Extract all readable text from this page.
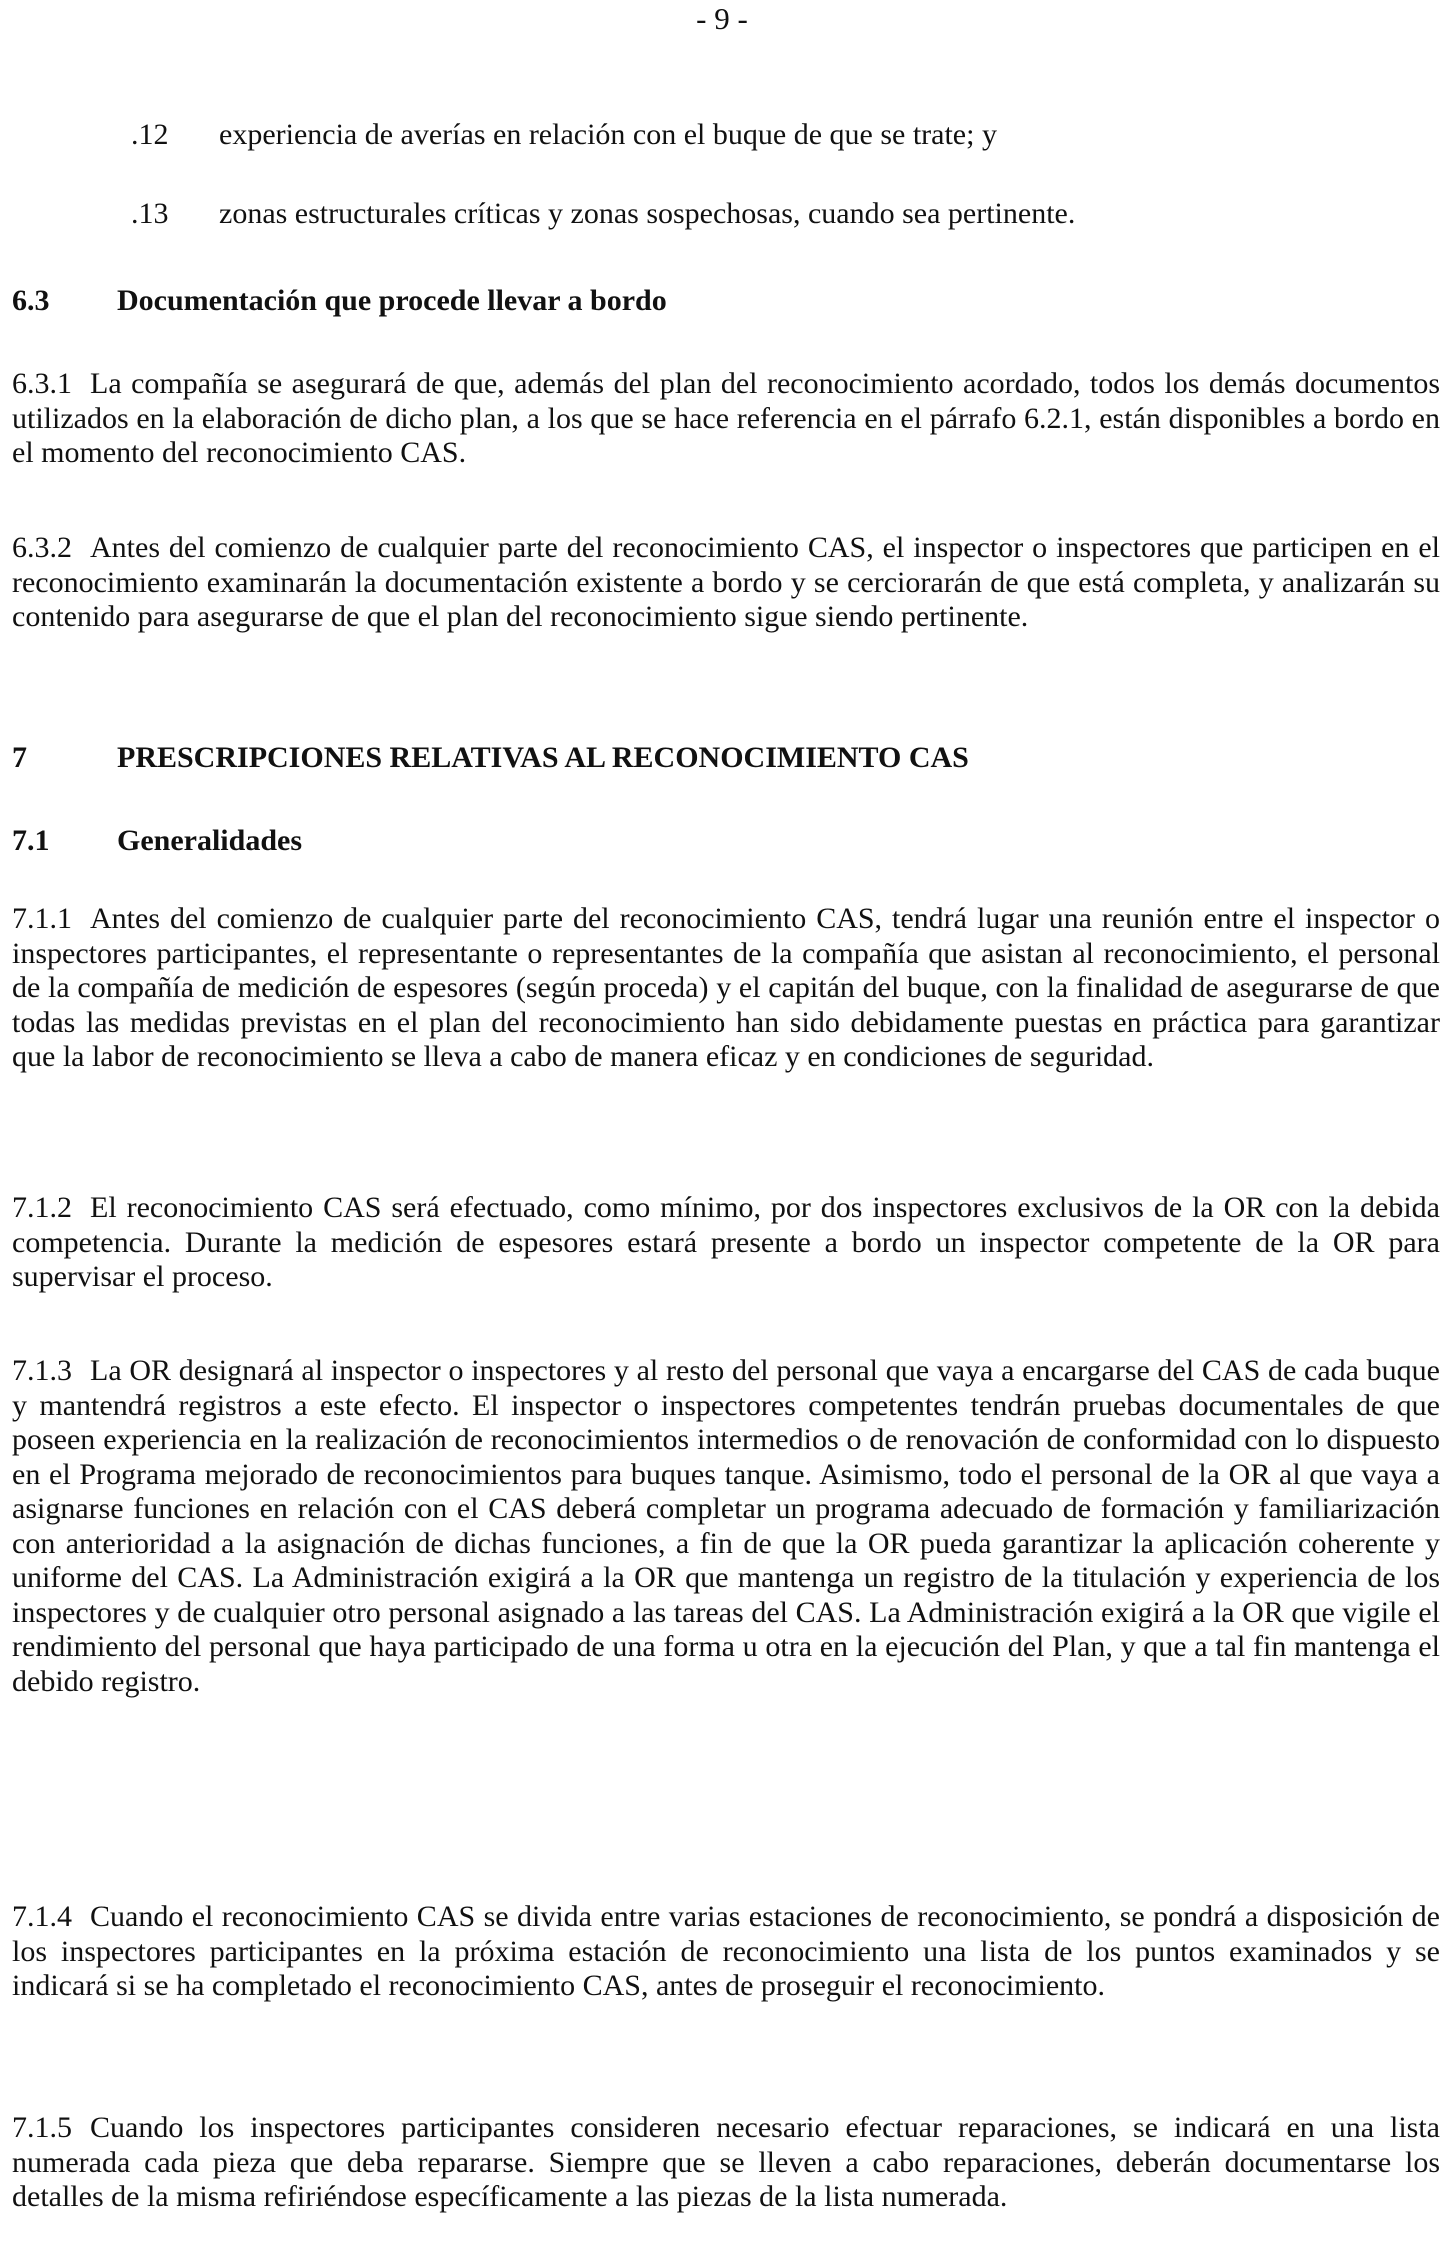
- 9 -
.12 experiencia de averías en relación con el buque de que se trate; y
.13 zonas estructurales críticas y zonas sospechosas, cuando sea pertinente.
6.3 Documentación que procede llevar a bordo
6.3.1 La compañía se asegurará de que, además del plan del reconocimiento acordado, todos los demás documentos utilizados en la elaboración de dicho plan, a los que se hace referencia en el párrafo 6.2.1, están disponibles a bordo en el momento del reconocimiento CAS.
6.3.2 Antes del comienzo de cualquier parte del reconocimiento CAS, el inspector o inspectores que participen en el reconocimiento examinarán la documentación existente a bordo y se cerciorarán de que está completa, y analizarán su contenido para asegurarse de que el plan del reconocimiento sigue siendo pertinente.
7	PRESCRIPCIONES RELATIVAS AL RECONOCIMIENTO CAS
7.1 Generalidades
7.1.1 Antes del comienzo de cualquier parte del reconocimiento CAS, tendrá lugar una reunión entre el inspector o inspectores participantes, el representante o representantes de la compañía que asistan al reconocimiento, el personal de la compañía de medición de espesores (según proceda) y el capitán del buque, con la finalidad de asegurarse de que todas las medidas previstas en el plan del reconocimiento han sido debidamente puestas en práctica para garantizar que la labor de reconocimiento se lleva a cabo de manera eficaz y en condiciones de seguridad.
7.1.2 El reconocimiento CAS será efectuado, como mínimo, por dos inspectores exclusivos de la OR con la debida competencia. Durante la medición de espesores estará presente a bordo un inspector competente de la OR para supervisar el proceso.
7.1.3 La OR designará al inspector o inspectores y al resto del personal que vaya a encargarse del CAS de cada buque y mantendrá registros a este efecto. El inspector o inspectores competentes tendrán pruebas documentales de que poseen experiencia en la realización de reconocimientos intermedios o de renovación de conformidad con lo dispuesto en el Programa mejorado de reconocimientos para buques tanque. Asimismo, todo el personal de la OR al que vaya a asignarse funciones en relación con el CAS deberá completar un programa adecuado de formación y familiarización con anterioridad a la asignación de dichas funciones, a fin de que la OR pueda garantizar la aplicación coherente y uniforme del CAS. La Administración exigirá a la OR que mantenga un registro de la titulación y experiencia de los inspectores y de cualquier otro personal asignado a las tareas del CAS. La Administración exigirá a la OR que vigile el rendimiento del personal que haya participado de una forma u otra en la ejecución del Plan, y que a tal fin mantenga el debido registro.
7.1.4 Cuando el reconocimiento CAS se divida entre varias estaciones de reconocimiento, se pondrá a disposición de los inspectores participantes en la próxima estación de reconocimiento una lista de los puntos examinados y se indicará si se ha completado el reconocimiento CAS, antes de proseguir el reconocimiento.
7.1.5 Cuando los inspectores participantes consideren necesario efectuar reparaciones, se indicará en una lista numerada cada pieza que deba repararse. Siempre que se lleven a cabo reparaciones, deberán documentarse los detalles de la misma refiriéndose específicamente a las piezas de la lista numerada.
